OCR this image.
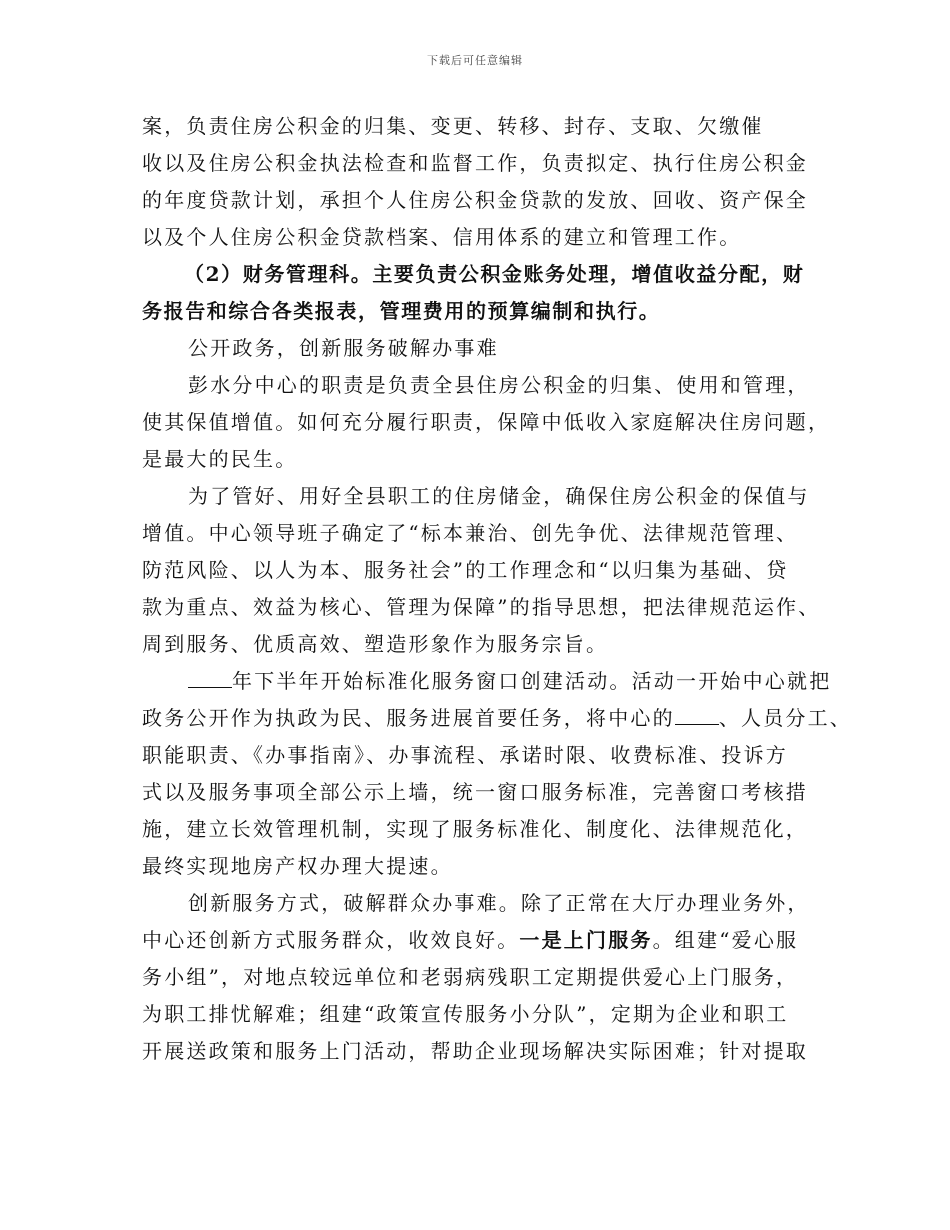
下载后可任意编辑
案，负责住房公积金的归集、变更、转移、封存、支取、欠缴催
收以及住房公积金执法检查和监督工作，负责拟定、执行住房公积金
的年度贷款计划，承担个人住房公积金贷款的发放、回收、资产保全
以及个人住房公积金贷款档案、信用体系的建立和管理工作。
（2）财务管理科。主要负责公积金账务处理，增值收益分配，财
务报告和综合各类报表，管理费用的预算编制和执行。
公开政务，创新服务破解办事难
彭水分中心的职责是负责全县住房公积金的归集、使用和管理，
使其保值增值。如何充分履行职责，保障中低收入家庭解决住房问题，
是最大的民生。
为了管好、用好全县职工的住房储金，确保住房公积金的保值与
增值。中心领导班子确定了“标本兼治、创先争优、法律规范管理、
防范风险、以人为本、服务社会”的工作理念和“以归集为基础、贷
款为重点、效益为核心、管理为保障”的指导思想，把法律规范运作、
周到服务、优质高效、塑造形象作为服务宗旨。
年下半年开始标准化服务窗口创建活动。活动一开始中心就把
政务公开作为执政为民、服务进展首要任务，将中心的 、人员分工、
职能职责、《办事指南》、办事流程、承诺时限、收费标准、投诉方
式以及服务事项全部公示上墙，统一窗口服务标准，完善窗口考核措
施，建立长效管理机制，实现了服务标准化、制度化、法律规范化，
最终实现地房产权办理大提速。
创新服务方式，破解群众办事难。除了正常在大厅办理业务外，
中心还创新方式服务群众，收效良好。一是上门服务。组建“爱心服
务小组”，对地点较远单位和老弱病残职工定期提供爱心上门服务，
为职工排忧解难；组建“政策宣传服务小分队”，定期为企业和职工
开展送政策和服务上门活动，帮助企业现场解决实际困难；针对提取
